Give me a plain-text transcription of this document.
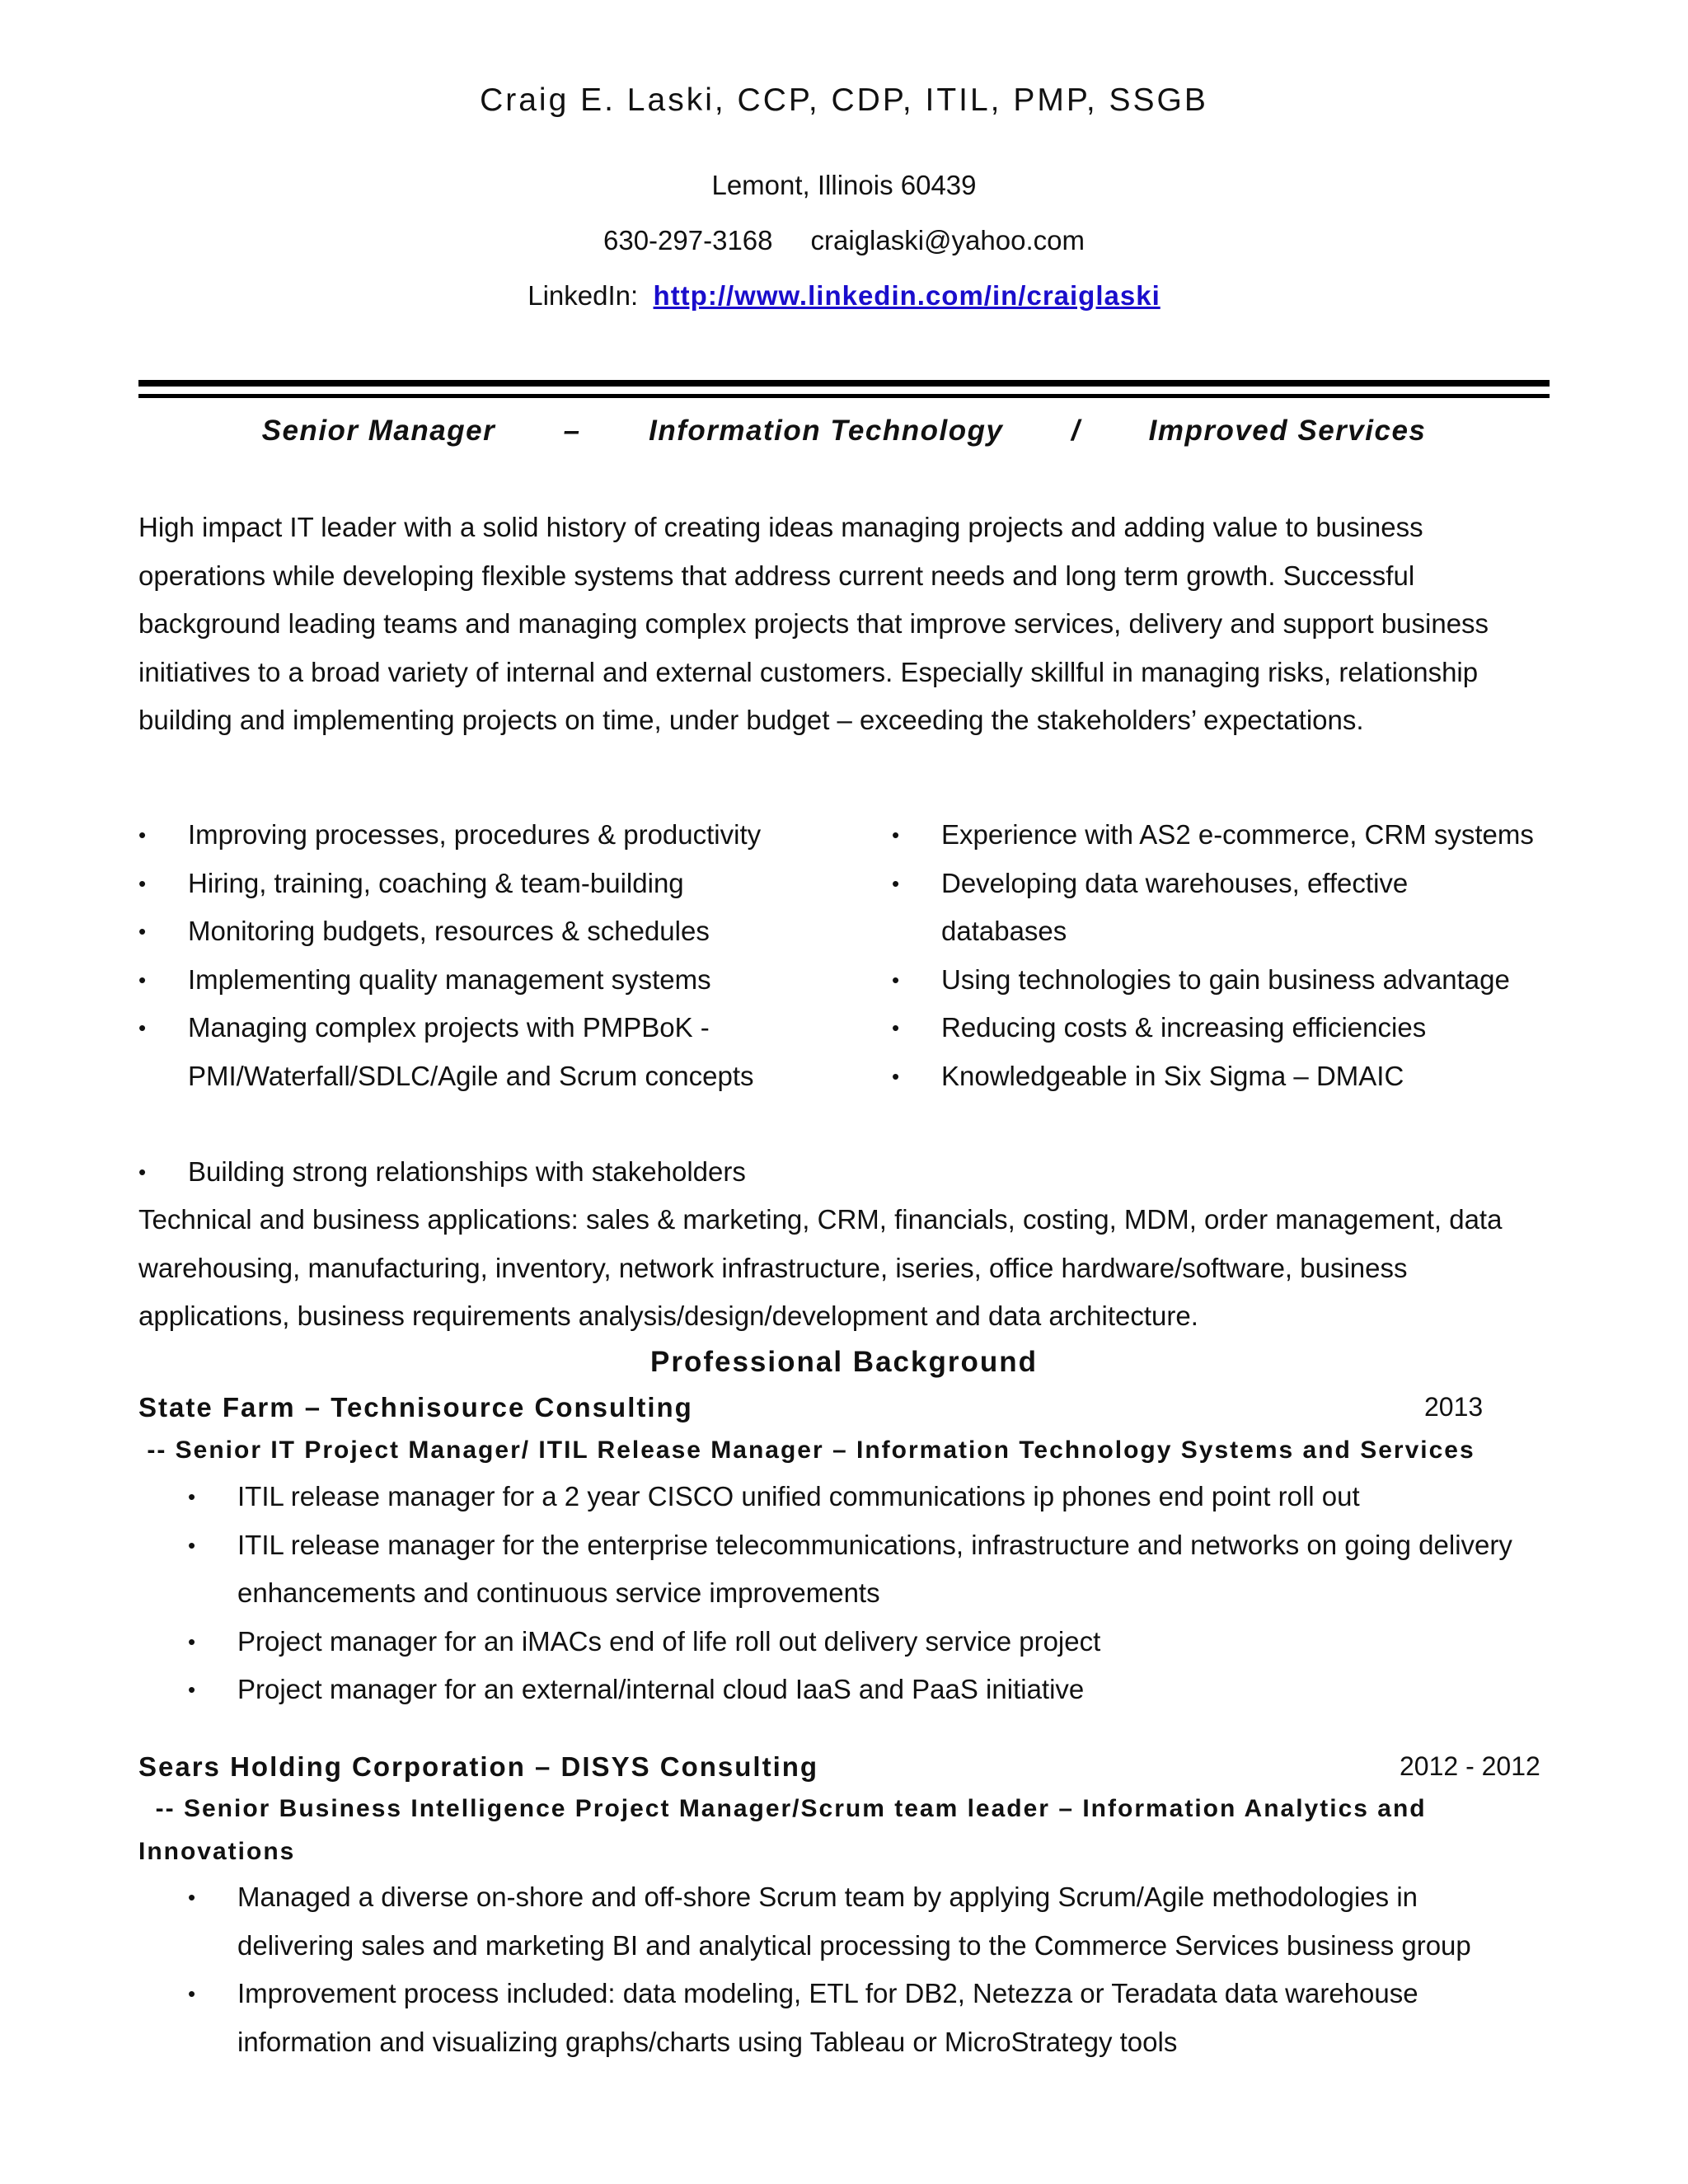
Craig E. Laski, CCP, CDP, ITIL, PMP, SSGB
Lemont, Illinois 60439
630-297-3168 craiglaski@yahoo.com
LinkedIn: http://www.linkedin.com/in/craiglaski
Senior Manager – Information Technology / Improved Services

High impact IT leader with a solid history of creating ideas managing projects and adding value to business

operations while developing flexible systems that address current needs and long term growth. Successful

background leading teams and managing complex projects that improve services, delivery and support business

initiatives to a broad variety of internal and external customers. Especially skillful in managing risks, relationship

building and implementing projects on time, under budget – exceeding the stakeholders’ expectations.

• Improving processes, procedures & productivity
• Hiring, training, coaching & team-building
• Monitoring budgets, resources & schedules
• Implementing quality management systems
• Managing complex projects with PMPBoK -
PMI/Waterfall/SDLC/Agile and Scrum concepts
• Experience with AS2 e-commerce, CRM systems
• Developing data warehouses, effective
databases
• Using technologies to gain business advantage
• Reducing costs & increasing efficiencies
• Knowledgeable in Six Sigma – DMAIC
• Building strong relationships with stakeholders

Technical and business applications: sales & marketing, CRM, financials, costing, MDM, order management, data

warehousing, manufacturing, inventory, network infrastructure, iseries, office hardware/software, business

applications, business requirements analysis/design/development and data architecture.

Professional Background
State Farm – Technisource Consulting	2013
-- Senior IT Project Manager/ ITIL Release Manager – Information Technology Systems and Services
• ITIL release manager for a 2 year CISCO unified communications ip phones end point roll out
• ITIL release manager for the enterprise telecommunications, infrastructure and networks on going delivery
enhancements and continuous service improvements
• Project manager for an iMACs end of life roll out delivery service project
• Project manager for an external/internal cloud IaaS and PaaS initiative
Sears Holding Corporation – DISYS Consulting	2012 - 2012
-- Senior Business Intelligence Project Manager/Scrum team leader – Information Analytics and
Innovations
• Managed a diverse on-shore and off-shore Scrum team by applying Scrum/Agile methodologies in
delivering sales and marketing BI and analytical processing to the Commerce Services business group
• Improvement process included: data modeling, ETL for DB2, Netezza or Teradata data warehouse
information and visualizing graphs/charts using Tableau or MicroStrategy tools
